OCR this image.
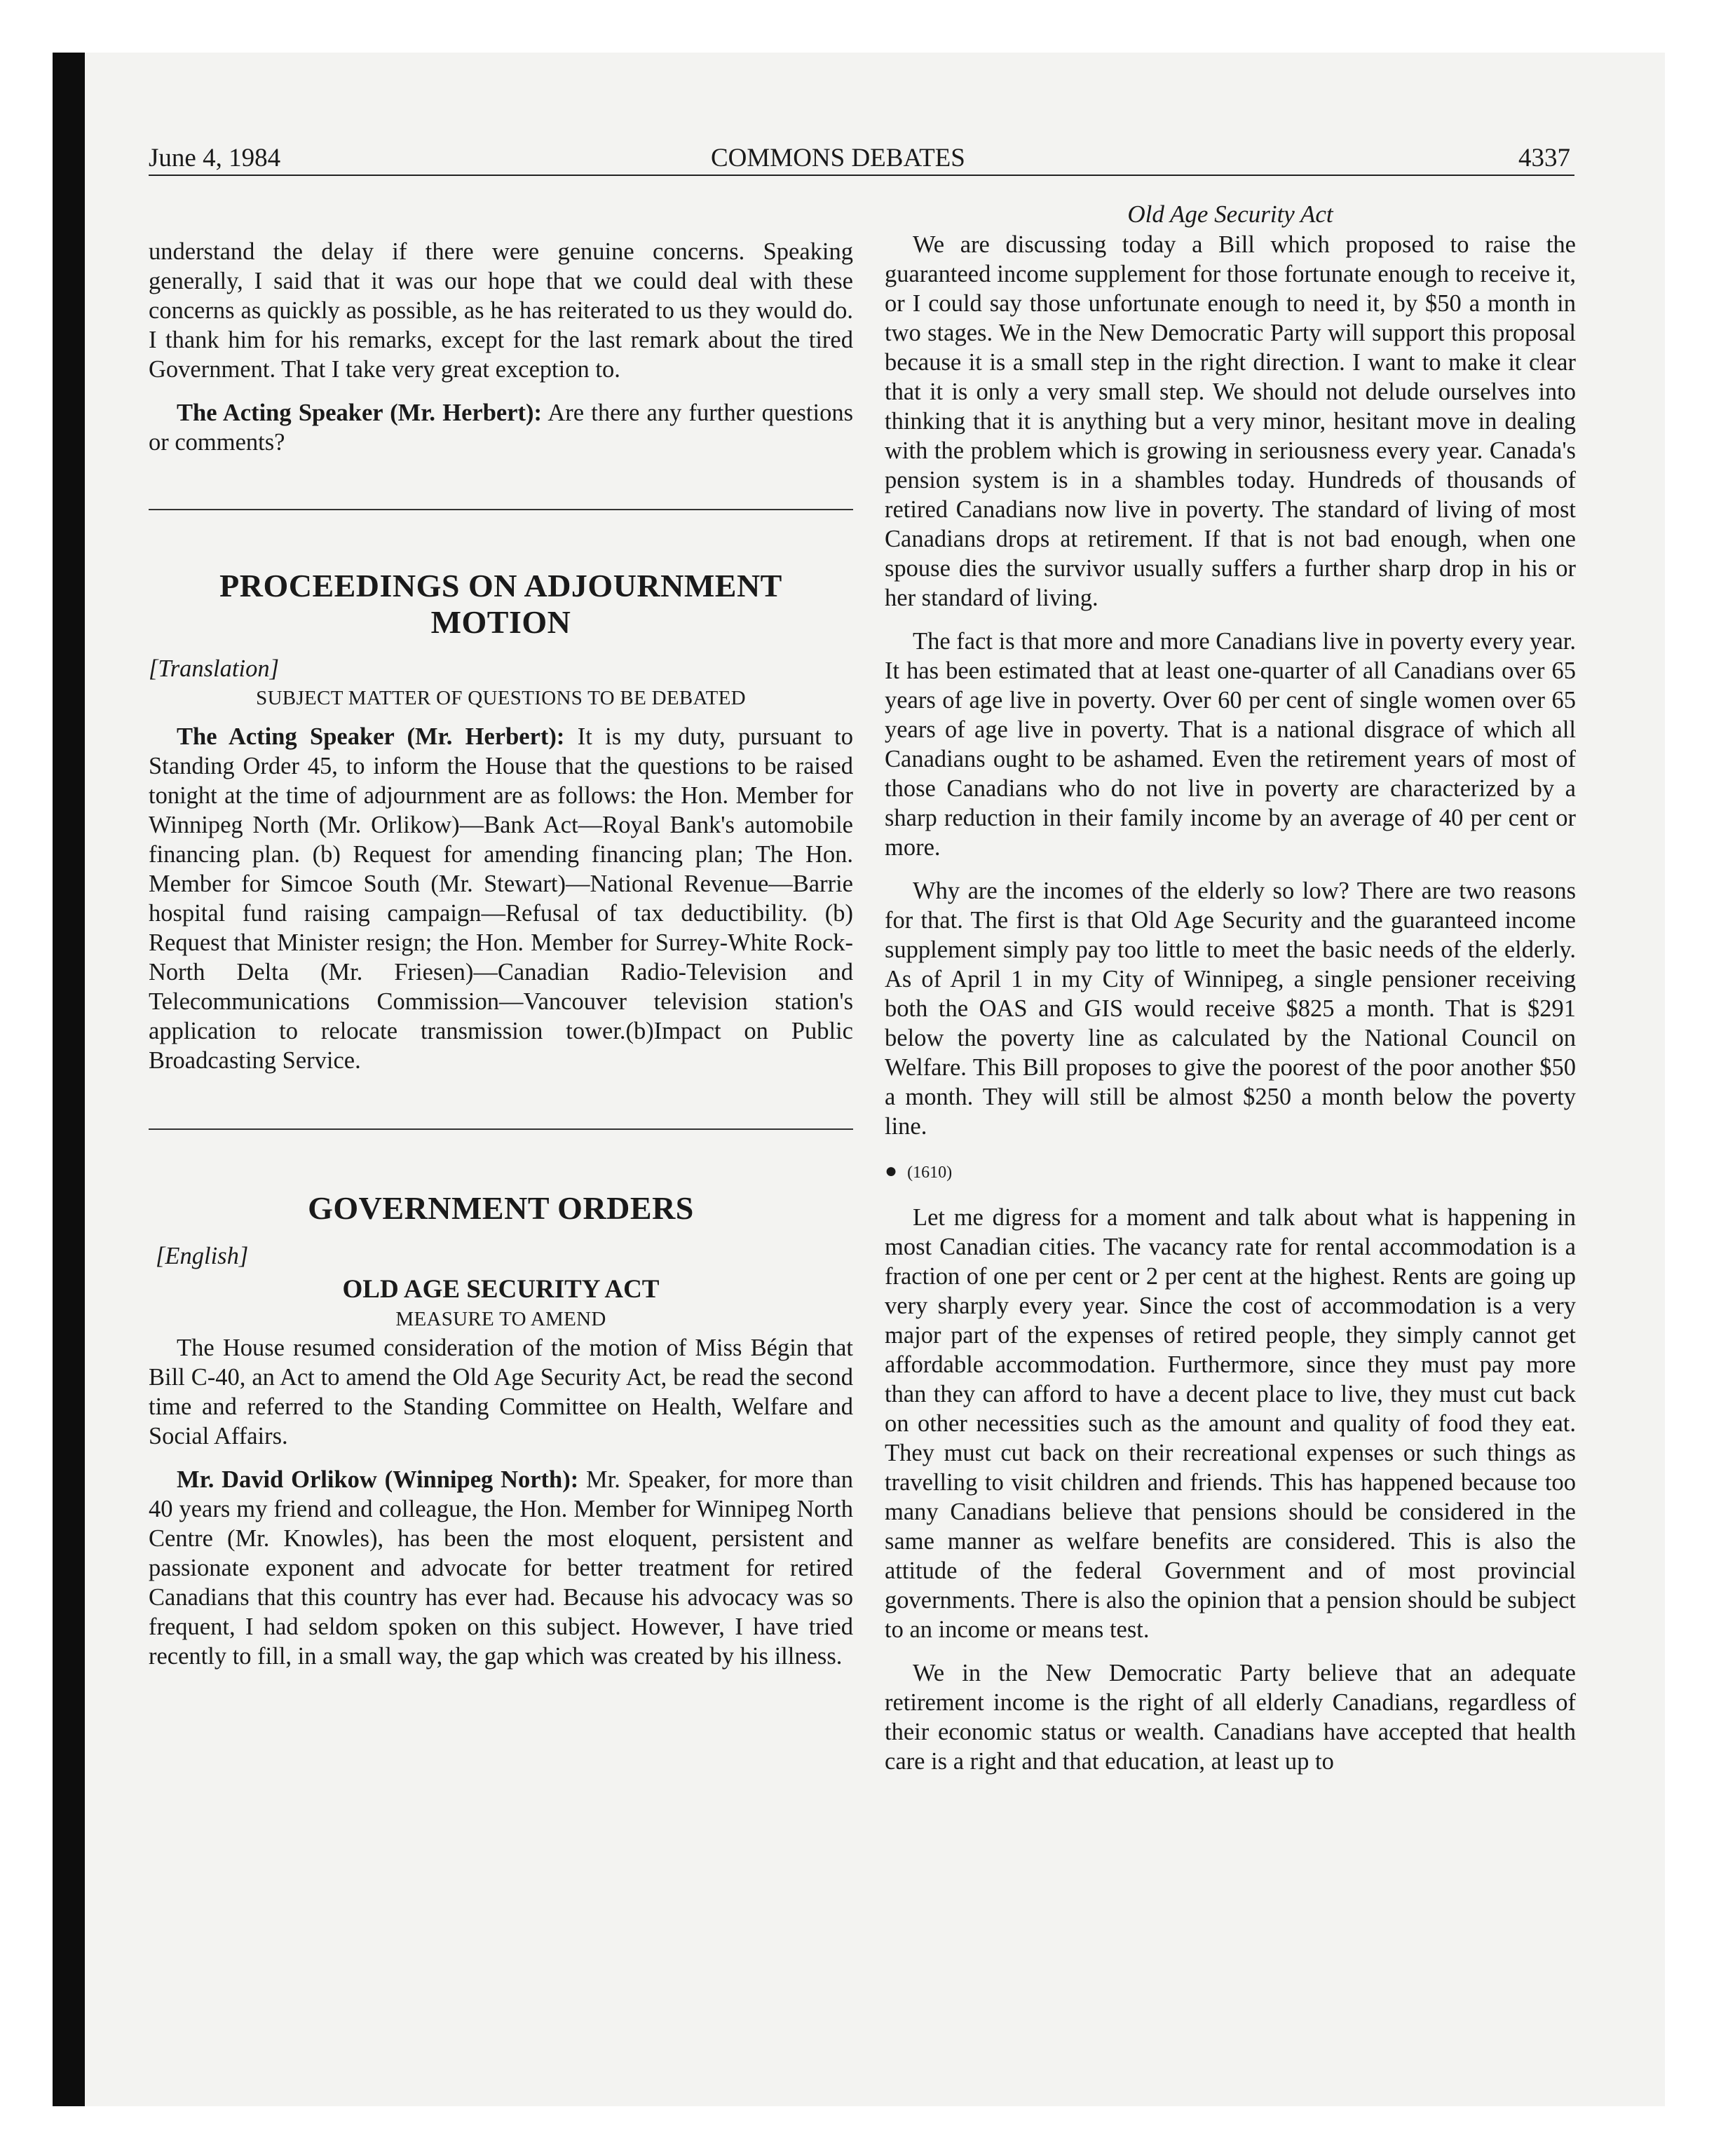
June 4, 1984	COMMONS DEBATES	4337

understand the delay if there were genuine concerns. Speaking generally, I said that it was our hope that we could deal with these concerns as quickly as possible, as he has reiterated to us they would do. I thank him for his remarks, except for the last remark about the tired Government. That I take very great exception to.

The Acting Speaker (Mr. Herbert): Are there any further questions or comments?

PROCEEDINGS ON ADJOURNMENT
MOTION
[Translation]
SUBJECT MATTER OF QUESTIONS TO BE DEBATED

The Acting Speaker (Mr. Herbert): It is my duty, pursuant to Standing Order 45, to inform the House that the questions to be raised tonight at the time of adjournment are as follows: the Hon. Member for Winnipeg North (Mr. Orlikow)—Bank Act—Royal Bank's automobile financing plan. (b) Request for amending financing plan; The Hon. Member for Simcoe South (Mr. Stewart)—National Revenue—Barrie hospital fund raising campaign—Refusal of tax deductibility. (b) Request that Minister resign; the Hon. Member for Surrey-White Rock-North Delta (Mr. Friesen)—Canadian Radio-Television and Telecommunications Commission—Vancouver television station's application to relocate transmission tower.(b)Impact on Public Broadcasting Service.

GOVERNMENT ORDERS
[English]
OLD AGE SECURITY ACT
MEASURE TO AMEND

The House resumed consideration of the motion of Miss Bégin that Bill C-40, an Act to amend the Old Age Security Act, be read the second time and referred to the Standing Committee on Health, Welfare and Social Affairs.

Mr. David Orlikow (Winnipeg North): Mr. Speaker, for more than 40 years my friend and colleague, the Hon. Member for Winnipeg North Centre (Mr. Knowles), has been the most eloquent, persistent and passionate exponent and advocate for better treatment for retired Canadians that this country has ever had. Because his advocacy was so frequent, I had seldom spoken on this subject. However, I have tried recently to fill, in a small way, the gap which was created by his illness.

Old Age Security Act

We are discussing today a Bill which proposed to raise the guaranteed income supplement for those fortunate enough to receive it, or I could say those unfortunate enough to need it, by $50 a month in two stages. We in the New Democratic Party will support this proposal because it is a small step in the right direction. I want to make it clear that it is only a very small step. We should not delude ourselves into thinking that it is anything but a very minor, hesitant move in dealing with the problem which is growing in seriousness every year. Canada's pension system is in a shambles today. Hundreds of thousands of retired Canadians now live in poverty. The standard of living of most Canadians drops at retirement. If that is not bad enough, when one spouse dies the survivor usually suffers a further sharp drop in his or her standard of living.

The fact is that more and more Canadians live in poverty every year. It has been estimated that at least one-quarter of all Canadians over 65 years of age live in poverty. Over 60 per cent of single women over 65 years of age live in poverty. That is a national disgrace of which all Canadians ought to be ashamed. Even the retirement years of most of those Canadians who do not live in poverty are characterized by a sharp reduction in their family income by an average of 40 per cent or more.

Why are the incomes of the elderly so low? There are two reasons for that. The first is that Old Age Security and the guaranteed income supplement simply pay too little to meet the basic needs of the elderly. As of April 1 in my City of Winnipeg, a single pensioner receiving both the OAS and GIS would receive $825 a month. That is $291 below the poverty line as calculated by the National Council on Welfare. This Bill proposes to give the poorest of the poor another $50 a month. They will still be almost $250 a month below the poverty line.

● (1610)

Let me digress for a moment and talk about what is happening in most Canadian cities. The vacancy rate for rental accommodation is a fraction of one per cent or 2 per cent at the highest. Rents are going up very sharply every year. Since the cost of accommodation is a very major part of the expenses of retired people, they simply cannot get affordable accommodation. Furthermore, since they must pay more than they can afford to have a decent place to live, they must cut back on other necessities such as the amount and quality of food they eat. They must cut back on their recreational expenses or such things as travelling to visit children and friends. This has happened because too many Canadians believe that pensions should be considered in the same manner as welfare benefits are considered. This is also the attitude of the federal Government and of most provincial governments. There is also the opinion that a pension should be subject to an income or means test.

We in the New Democratic Party believe that an adequate retirement income is the right of all elderly Canadians, regardless of their economic status or wealth. Canadians have accepted that health care is a right and that education, at least up to
